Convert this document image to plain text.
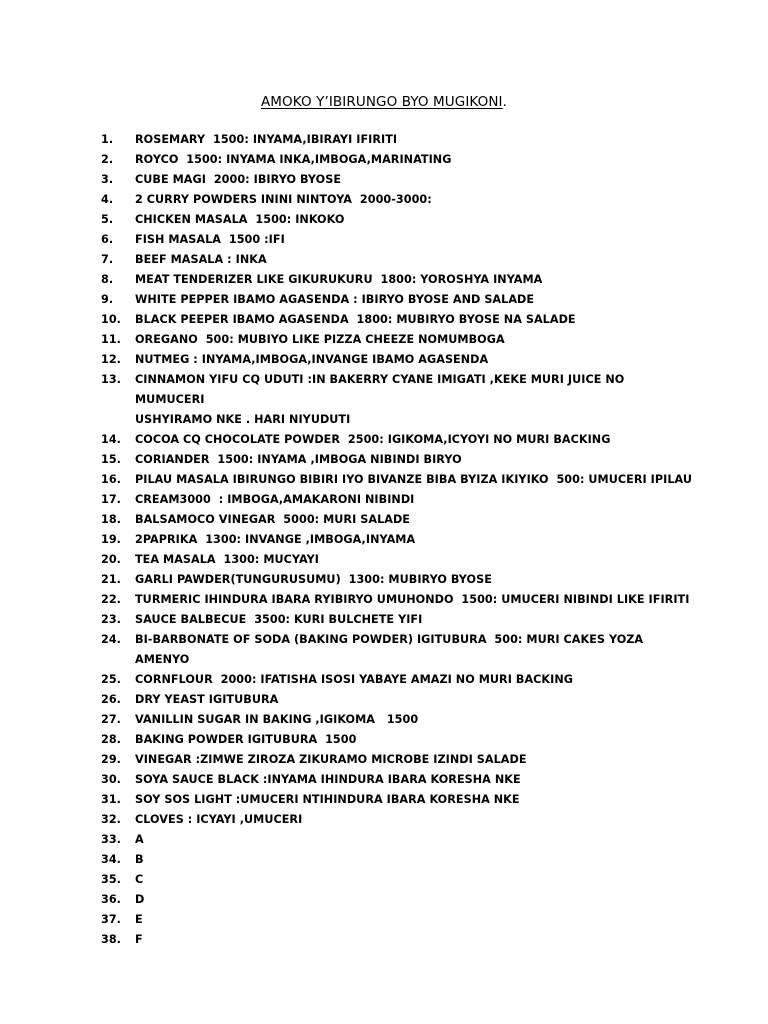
AMOKO Y’IBIRUNGO BYO MUGIKONI.
1.	ROSEMARY  1500: INYAMA,IBIRAYI IFIRITI
2.	ROYCO  1500: INYAMA INKA,IMBOGA,MARINATING
3.	CUBE MAGI  2000: IBIRYO BYOSE
4.	2 CURRY POWDERS ININI NINTOYA  2000-3000:
5.	CHICKEN MASALA  1500: INKOKO
6.	FISH MASALA  1500 :IFI
7.	BEEF MASALA : INKA
8.	MEAT TENDERIZER LIKE GIKURUKURU  1800: YOROSHYA INYAMA
9.	WHITE PEPPER IBAMO AGASENDA : IBIRYO BYOSE AND SALADE
10.	BLACK PEEPER IBAMO AGASENDA  1800: MUBIRYO BYOSE NA SALADE
11.	OREGANO  500: MUBIYO LIKE PIZZA CHEEZE NOMUMBOGA
12.	NUTMEG : INYAMA,IMBOGA,INVANGE IBAMO AGASENDA
13.	CINNAMON YIFU CQ UDUTI :IN BAKERRY CYANE IMIGATI ,KEKE MURI JUICE NO MUMUCERI
USHYIRAMO NKE . HARI NIYUDUTI
14.	COCOA CQ CHOCOLATE POWDER  2500: IGIKOMA,ICYOYI NO MURI BACKING
15.	CORIANDER  1500: INYAMA ,IMBOGA NIBINDI BIRYO
16.	PILAU MASALA IBIRUNGO BIBIRI IYO BIVANZE BIBA BYIZA IKIYIKO  500: UMUCERI IPILAU
17.	CREAM3000  : IMBOGA,AMAKARONI NIBINDI
18.	BALSAMOCO VINEGAR  5000: MURI SALADE
19.	2PAPRIKA  1300: INVANGE ,IMBOGA,INYAMA
20.	TEA MASALA  1300: MUCYAYI
21.	GARLI PAWDER(TUNGURUSUMU)  1300: MUBIRYO BYOSE
22.	TURMERIC IHINDURA IBARA RYIBIRYO UMUHONDO  1500: UMUCERI NIBINDI LIKE IFIRITI
23.	SAUCE BALBECUE  3500: KURI BULCHETE YIFI
24.	BI-BARBONATE OF SODA (BAKING POWDER) IGITUBURA  500: MURI CAKES YOZA AMENYO
25.	CORNFLOUR  2000: IFATISHA ISOSI YABAYE AMAZI NO MURI BACKING
26.	DRY YEAST IGITUBURA
27.	VANILLIN SUGAR IN BAKING ,IGIKOMA   1500
28.	BAKING POWDER IGITUBURA  1500
29.	VINEGAR :ZIMWE ZIROZA ZIKURAMO MICROBE IZINDI SALADE
30.	SOYA SAUCE BLACK :INYAMA IHINDURA IBARA KORESHA NKE
31.	SOY SOS LIGHT :UMUCERI NTIHINDURA IBARA KORESHA NKE
32.	CLOVES : ICYAYI ,UMUCERI
33.	A
34.	B
35.	C
36.	D
37.	E
38.	F
